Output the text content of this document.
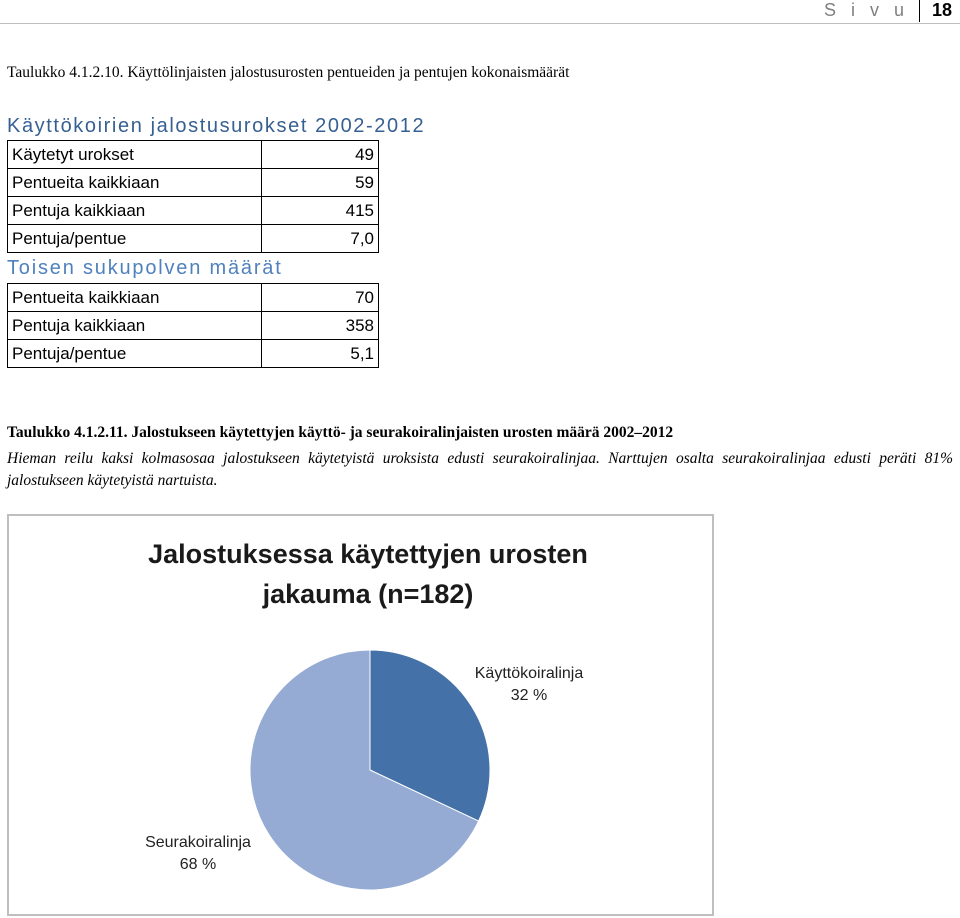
S i v u	18
Taulukko 4.1.2.10. Käyttölinjaisten jalostusurosten pentueiden ja pentujen kokonaismäärät
Käyttökoirien jalostusurokset 2002-2012
Käytetyt urokset	49
Pentueita kaikkiaan	59
Pentuja kaikkiaan	415
Pentuja/pentue	7,0
Toisen sukupolven määrät
Pentueita kaikkiaan	70
Pentuja kaikkiaan	358
Pentuja/pentue	5,1
Taulukko 4.1.2.11. Jalostukseen käytettyjen käyttö- ja seurakoiralinjaisten urosten määrä 2002–2012
Hieman reilu kaksi kolmasosaa jalostukseen käytetyistä uroksista edusti seurakoiralinjaa. Narttujen osalta seurakoiralinjaa edusti peräti 81% jalostukseen käytetyistä nartuista.
Jalostuksessa käytettyjen urosten
jakauma (n=182)
Käyttökoiralinja
32 %
Seurakoiralinja
68 %
